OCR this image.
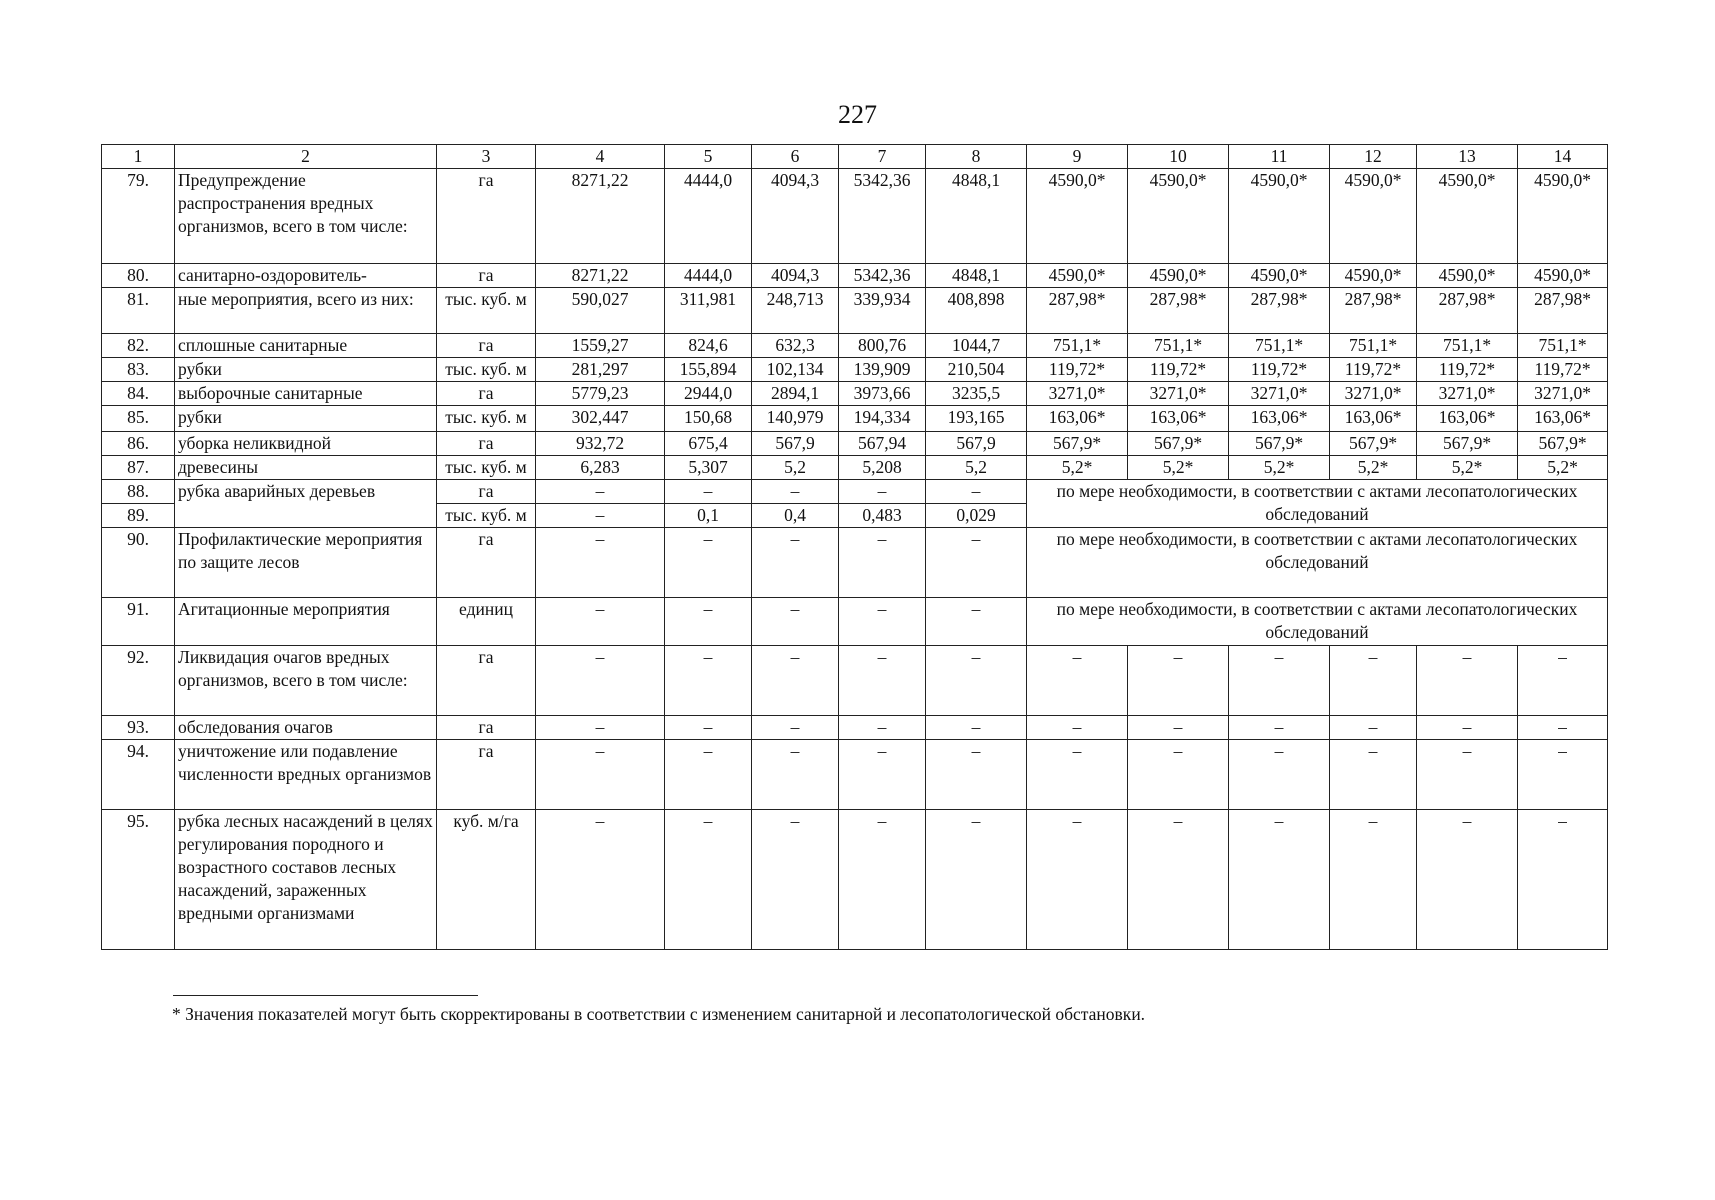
227
1	2	3	4	5	6	7	8	9	10	11	12	13	14
79.	Предупреждение распространения вредных организмов, всего в том числе:	га	8271,22	4444,0	4094,3	5342,36	4848,1	4590,0*	4590,0*	4590,0*	4590,0*	4590,0*	4590,0*
80.	санитарно-оздоровитель-	га	8271,22	4444,0	4094,3	5342,36	4848,1	4590,0*	4590,0*	4590,0*	4590,0*	4590,0*	4590,0*
81.	ные мероприятия, всего из них:	тыс. куб. м	590,027	311,981	248,713	339,934	408,898	287,98*	287,98*	287,98*	287,98*	287,98*	287,98*
82.	сплошные санитарные	га	1559,27	824,6	632,3	800,76	1044,7	751,1*	751,1*	751,1*	751,1*	751,1*	751,1*
83.	рубки	тыс. куб. м	281,297	155,894	102,134	139,909	210,504	119,72*	119,72*	119,72*	119,72*	119,72*	119,72*
84.	выборочные санитарные	га	5779,23	2944,0	2894,1	3973,66	3235,5	3271,0*	3271,0*	3271,0*	3271,0*	3271,0*	3271,0*
85.	рубки	тыс. куб. м	302,447	150,68	140,979	194,334	193,165	163,06*	163,06*	163,06*	163,06*	163,06*	163,06*
86.	уборка неликвидной	га	932,72	675,4	567,9	567,94	567,9	567,9*	567,9*	567,9*	567,9*	567,9*	567,9*
87.	древесины	тыс. куб. м	6,283	5,307	5,2	5,208	5,2	5,2*	5,2*	5,2*	5,2*	5,2*	5,2*
88.	рубка аварийных деревьев	га	–	–	–	–	–	по мере необходимости, в соответствии с актами лесопатологических обследований					
89.		тыс. куб. м	–	0,1	0,4	0,483	0,029						
90.	Профилактические мероприятия по защите лесов	га	–	–	–	–	–	по мере необходимости, в соответствии с актами лесопатологических обследований					
91.	Агитационные мероприятия	единиц	–	–	–	–	–	по мере необходимости, в соответствии с актами лесопатологических обследований					
92.	Ликвидация очагов вредных организмов, всего в том числе:	га	–	–	–	–	–	–	–	–	–	–	–
93.	обследования очагов	га	–	–	–	–	–	–	–	–	–	–	–
94.	уничтожение или подавление численности вредных организмов	га	–	–	–	–	–	–	–	–	–	–	–
95.	рубка лесных насаждений в целях регулирования породного и возрастного составов лесных насаждений, зараженных вредными организмами	куб. м/га	–	–	–	–	–	–	–	–	–	–	–
* Значения показателей могут быть скорректированы в соответствии с изменением санитарной и лесопатологической обстановки.
